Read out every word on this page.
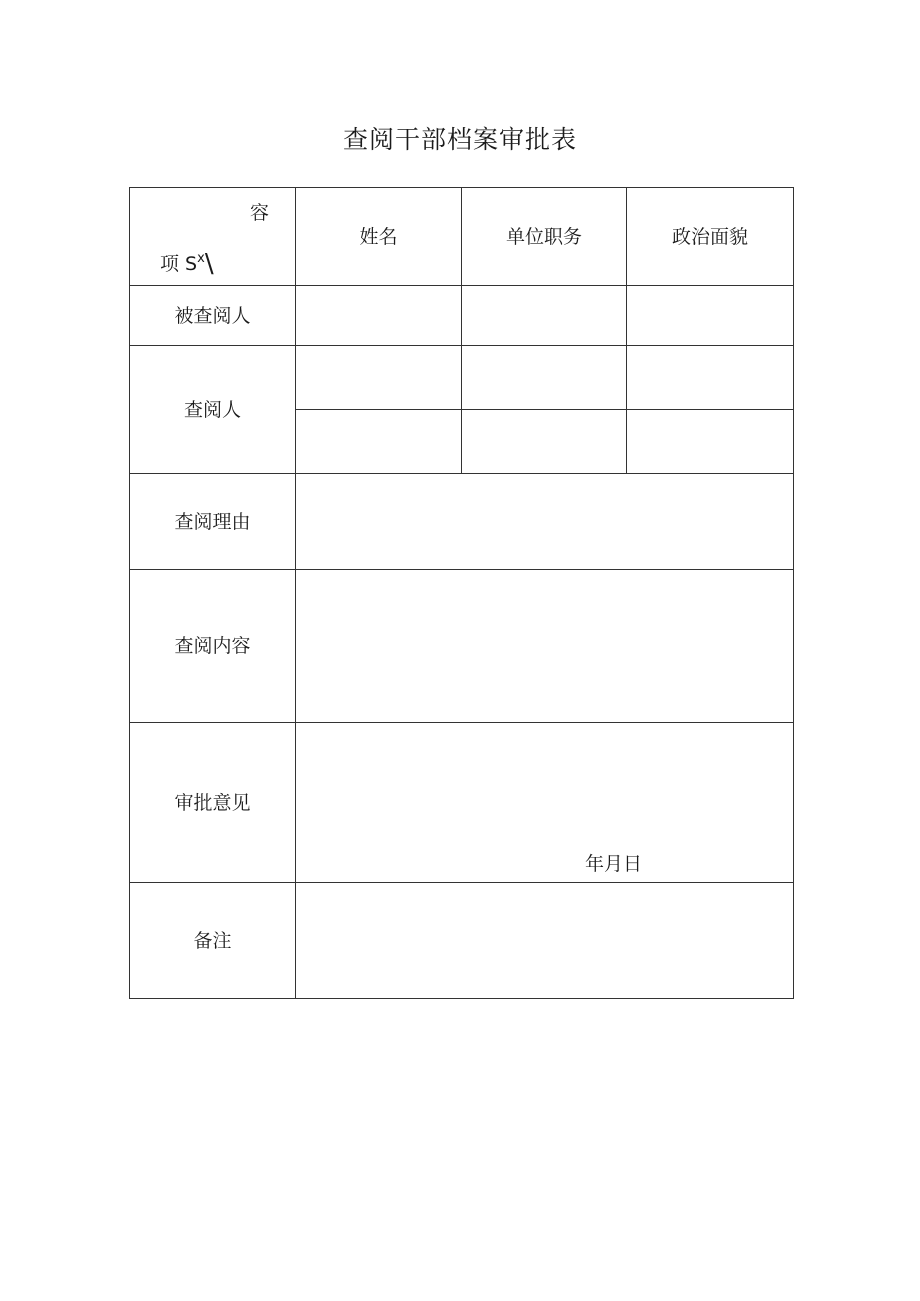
查阅干部档案审批表
容
项 $S^x\backslash$	姓名	单位职务	政治面貌
被查阅人			
查阅人			

查阅理由			
查阅内容			
审批意见	年月日		

备注			
